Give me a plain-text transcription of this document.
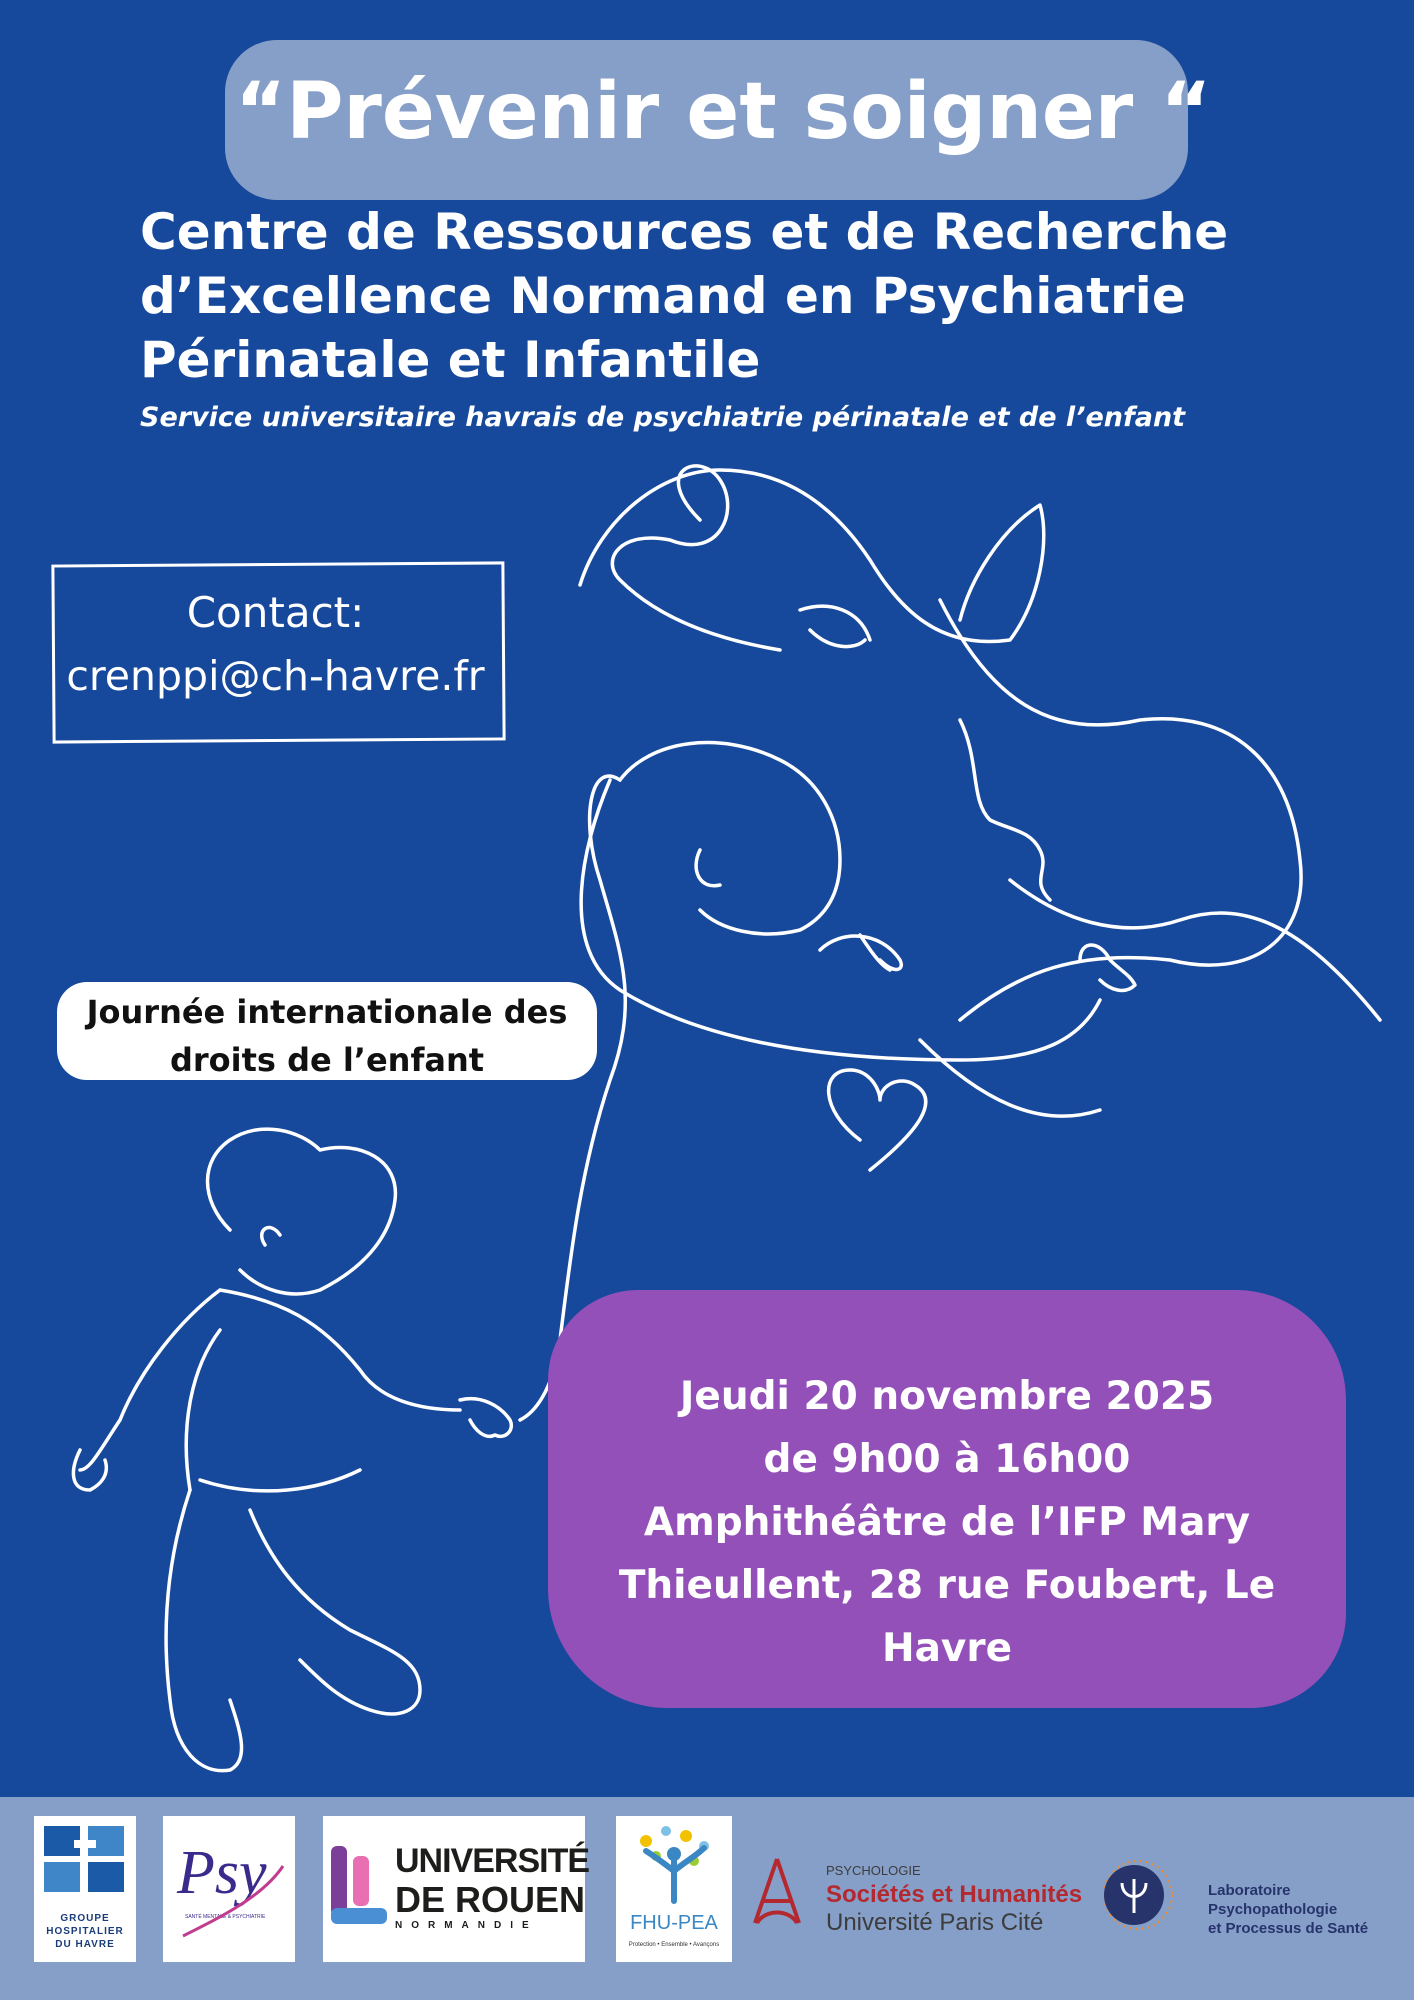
“Prévenir et soigner “
Centre de Ressources et de Recherche
d’Excellence Normand en Psychiatrie
Périnatale et Infantile
Service universitaire havrais de psychiatrie périnatale et de l’enfant
Contact:
crenppi@ch-havre.fr
Journée internationale des
droits de l’enfant
Jeudi 20 novembre 2025
de 9h00 à 16h00
Amphithéâtre de l’IFP Mary
Thieullent, 28 rue Foubert, Le
Havre
GROUPE
HOSPITALIER
DU HAVRE
Psy
SANTÉ MENTALE & PSYCHIATRIE
UNIVERSITÉ
DE ROUEN
NORMANDIE	FHU-PEA
Protection • Ensemble • Avançons
PSYCHOLOGIE
Sociétés et Humanités
Université Paris Cité
Laboratoire
Psychopathologie
et Processus de Santé
